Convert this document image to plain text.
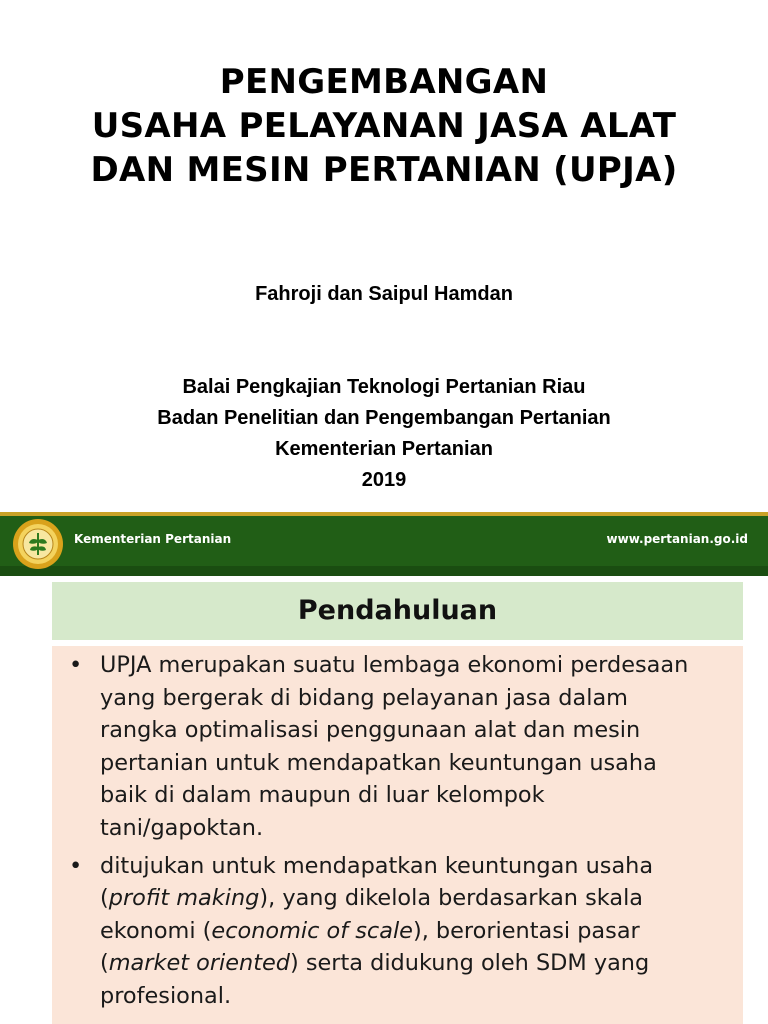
PENGEMBANGAN
USAHA PELAYANAN JASA ALAT
DAN MESIN PERTANIAN (UPJA)
Fahroji dan Saipul Hamdan
Balai Pengkajian Teknologi Pertanian Riau
Badan Penelitian dan Pengembangan Pertanian
Kementerian Pertanian
2019
Kementerian Pertanian	www.pertanian.go.id
Pendahuluan
• UPJA merupakan suatu lembaga ekonomi perdesaan
yang bergerak di bidang pelayanan jasa dalam
rangka optimalisasi penggunaan alat dan mesin
pertanian untuk mendapatkan keuntungan usaha
baik di dalam maupun di luar kelompok
tani/gapoktan.
• ditujukan untuk mendapatkan keuntungan usaha
(profit making), yang dikelola berdasarkan skala
ekonomi (economic of scale), berorientasi pasar
(market oriented) serta didukung oleh SDM yang
profesional.
